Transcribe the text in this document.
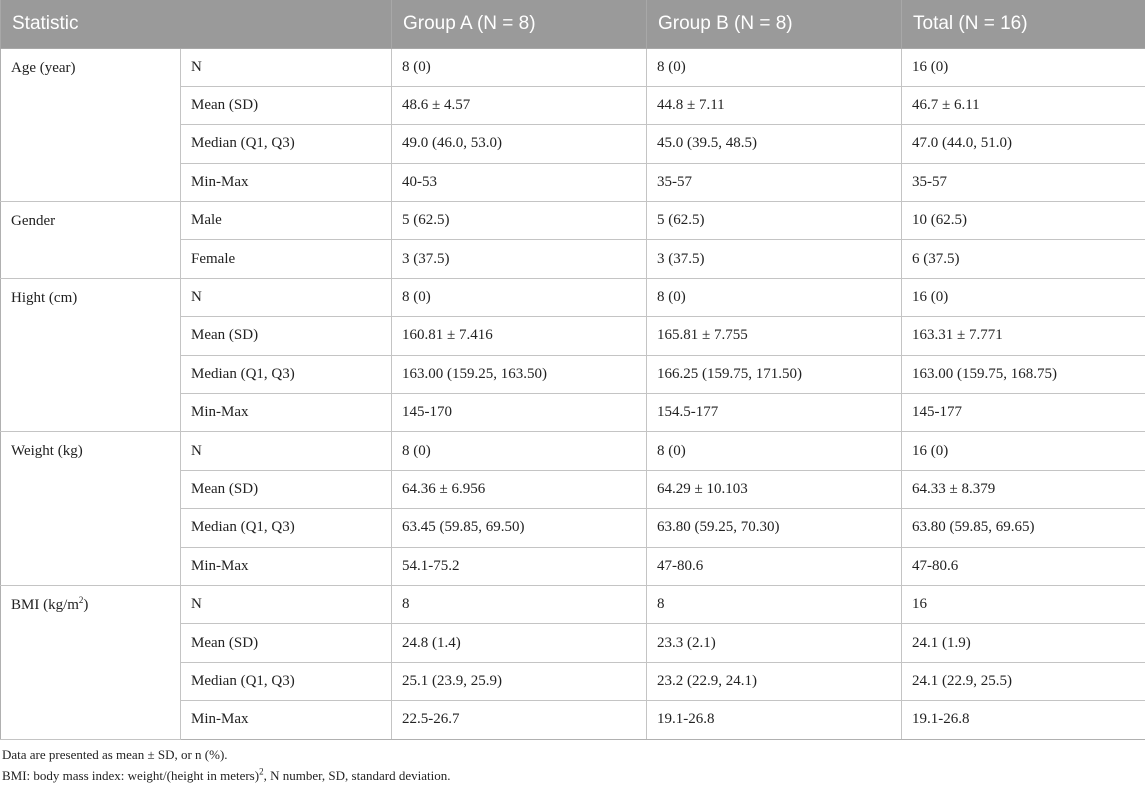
Statistic		Group A (N = 8)	Group B (N = 8)	Total (N = 16)
Age (year)	N	8 (0)	8 (0)	16 (0)
	Mean (SD)	48.6 ± 4.57	44.8 ± 7.11	46.7 ± 6.11
	Median (Q1, Q3)	49.0 (46.0, 53.0)	45.0 (39.5, 48.5)	47.0 (44.0, 51.0)
	Min-Max	40-53	35-57	35-57
Gender	Male	5 (62.5)	5 (62.5)	10 (62.5)
	Female	3 (37.5)	3 (37.5)	6 (37.5)
Hight (cm)	N	8 (0)	8 (0)	16 (0)
	Mean (SD)	160.81 ± 7.416	165.81 ± 7.755	163.31 ± 7.771
	Median (Q1, Q3)	163.00 (159.25, 163.50)	166.25 (159.75, 171.50)	163.00 (159.75, 168.75)
	Min-Max	145-170	154.5-177	145-177
Weight (kg)	N	8 (0)	8 (0)	16 (0)
	Mean (SD)	64.36 ± 6.956	64.29 ± 10.103	64.33 ± 8.379
	Median (Q1, Q3)	63.45 (59.85, 69.50)	63.80 (59.25, 70.30)	63.80 (59.85, 69.65)
	Min-Max	54.1-75.2	47-80.6	47-80.6
BMI $(kg/m^2)$	N	8	8	16
	Mean (SD)	24.8 (1.4)	23.3 (2.1)	24.1 (1.9)
	Median (Q1, Q3)	25.1 (23.9, 25.9)	23.2 (22.9, 24.1)	24.1 (22.9, 25.5)
	Min-Max	22.5-26.7	19.1-26.8	19.1-26.8
Data are presented as mean ± SD, or n (%).
BMI: body mass index: weight/(height in meters)$^2$, N number, SD, standard deviation.
